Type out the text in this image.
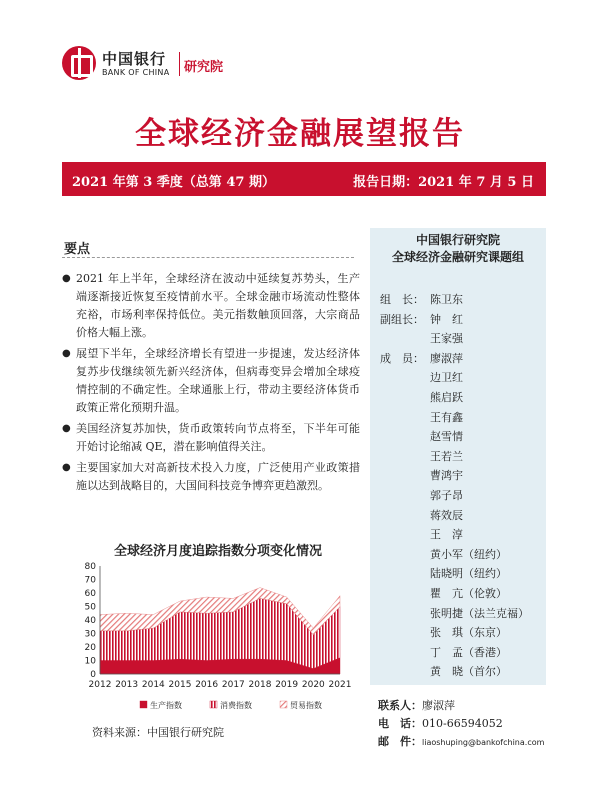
中国银行
BANK OF CHINA 研究院
全球经济金融展望报告
2021 年第 3 季度（总第 47 期）	报告日期：2021 年 7 月 5 日
要点
● 2021 年上半年，全球经济在波动中延续复苏势头，生产端逐渐接近恢复至疫情前水平。全球金融市场流动性整体充裕，市场利率保持低位。美元指数触顶回落，大宗商品价格大幅上涨。
● 展望下半年，全球经济增长有望进一步提速，发达经济体复苏步伐继续领先新兴经济体，但病毒变异会增加全球疫情控制的不确定性。全球通胀上行，带动主要经济体货币政策正常化预期升温。
● 美国经济复苏加快，货币政策转向节点将至，下半年可能开始讨论缩减 QE，潜在影响值得关注。
● 主要国家加大对高新技术投入力度，广泛使用产业政策措施以达到战略目的，大国间科技竞争博弈更趋激烈。
全球经济月度追踪指数分项变化情况
0
10
20
30
40
50
60
70
80
2012 2013 2014 2015 2016 2017 2018 2019 2020 2021
生产指数	消费指数	贸易指数
资料来源：中国银行研究院
中国银行研究院
全球经济金融研究课题组
组　长： 陈卫东
副组长： 钟　红
王家强
成　员： 廖淑萍
边卫红
熊启跃
王有鑫
赵雪情
王若兰
曹鸿宇
郭子昂
蒋效辰
王　淳
黄小军（纽约）
陆晓明（纽约）
瞿　亢（伦敦）
张明捷（法兰克福）
张　琪（东京）
丁　孟（香港）
黄　晓（首尔）
联系人：廖淑萍
电　话：010-66594052
邮　件：liaoshuping@bankofchina.com
